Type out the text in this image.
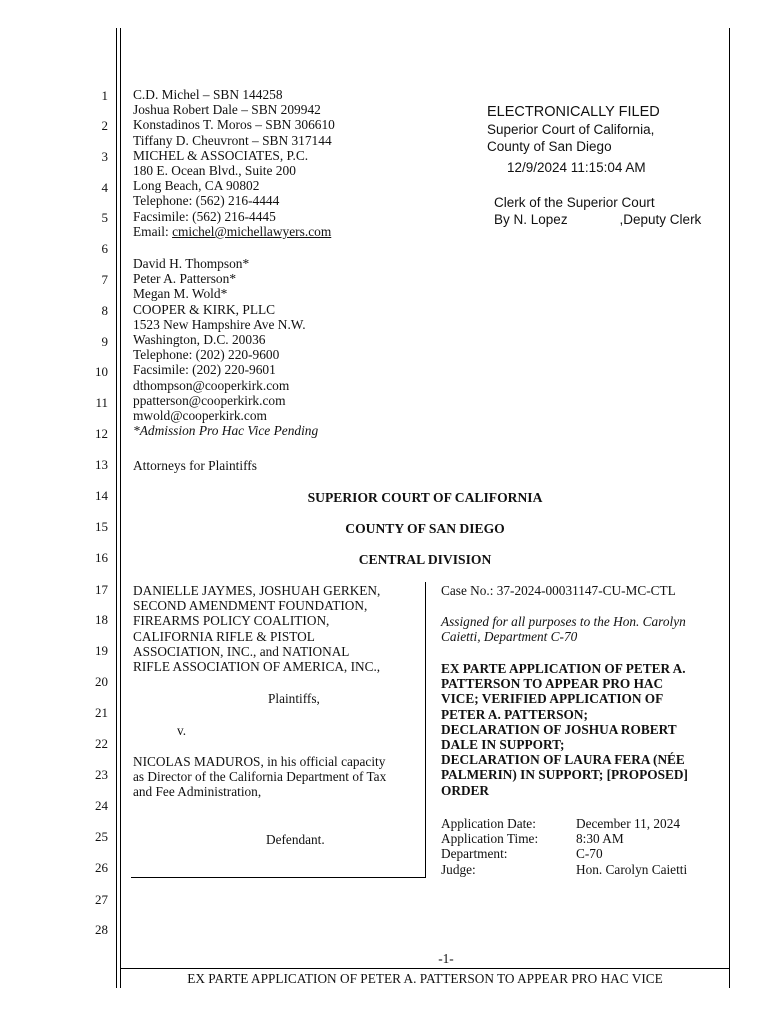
1
2
3
4
5
6
7
8
9
10
11
12
13
14
15
16
17
18
19
20
21
22
23
24
25
26
27
28
C.D. Michel – SBN 144258
Joshua Robert Dale – SBN 209942
Konstadinos T. Moros – SBN 306610
Tiffany D. Cheuvront – SBN 317144
MICHEL & ASSOCIATES, P.C.
180 E. Ocean Blvd., Suite 200
Long Beach, CA 90802
Telephone: (562) 216-4444
Facsimile: (562) 216-4445
Email: cmichel@michellawyers.com
ELECTRONICALLY FILED
Superior Court of California,
County of San Diego
12/9/2024 11:15:04 AM
Clerk of the Superior Court
By N. Lopez	,Deputy Clerk
David H. Thompson*
Peter A. Patterson*
Megan M. Wold*
COOPER & KIRK, PLLC
1523 New Hampshire Ave N.W.
Washington, D.C. 20036
Telephone: (202) 220-9600
Facsimile: (202) 220-9601
dthompson@cooperkirk.com
ppatterson@cooperkirk.com
mwold@cooperkirk.com
*Admission Pro Hac Vice Pending
Attorneys for Plaintiffs
SUPERIOR COURT OF CALIFORNIA
COUNTY OF SAN DIEGO
CENTRAL DIVISION
DANIELLE JAYMES, JOSHUAH GERKEN,
SECOND AMENDMENT FOUNDATION,
FIREARMS POLICY COALITION,
CALIFORNIA RIFLE & PISTOL
ASSOCIATION, INC., and NATIONAL
RIFLE ASSOCIATION OF AMERICA, INC.,
Plaintiffs,
v.
NICOLAS MADUROS, in his official capacity
as Director of the California Department of Tax
and Fee Administration,
Defendant.
Case No.: 37-2024-00031147-CU-MC-CTL
Assigned for all purposes to the Hon. Carolyn
Caietti, Department C-70
EX PARTE APPLICATION OF PETER A.
PATTERSON TO APPEAR PRO HAC
VICE; VERIFIED APPLICATION OF
PETER A. PATTERSON;
DECLARATION OF JOSHUA ROBERT
DALE IN SUPPORT;
DECLARATION OF LAURA FERA (NÉE
PALMERIN) IN SUPPORT; [PROPOSED]
ORDER
Application Date:	December 11, 2024
Application Time:	8:30 AM
Department:	C-70
Judge:	Hon. Carolyn Caietti
-1-
EX PARTE APPLICATION OF PETER A. PATTERSON TO APPEAR PRO HAC VICE
